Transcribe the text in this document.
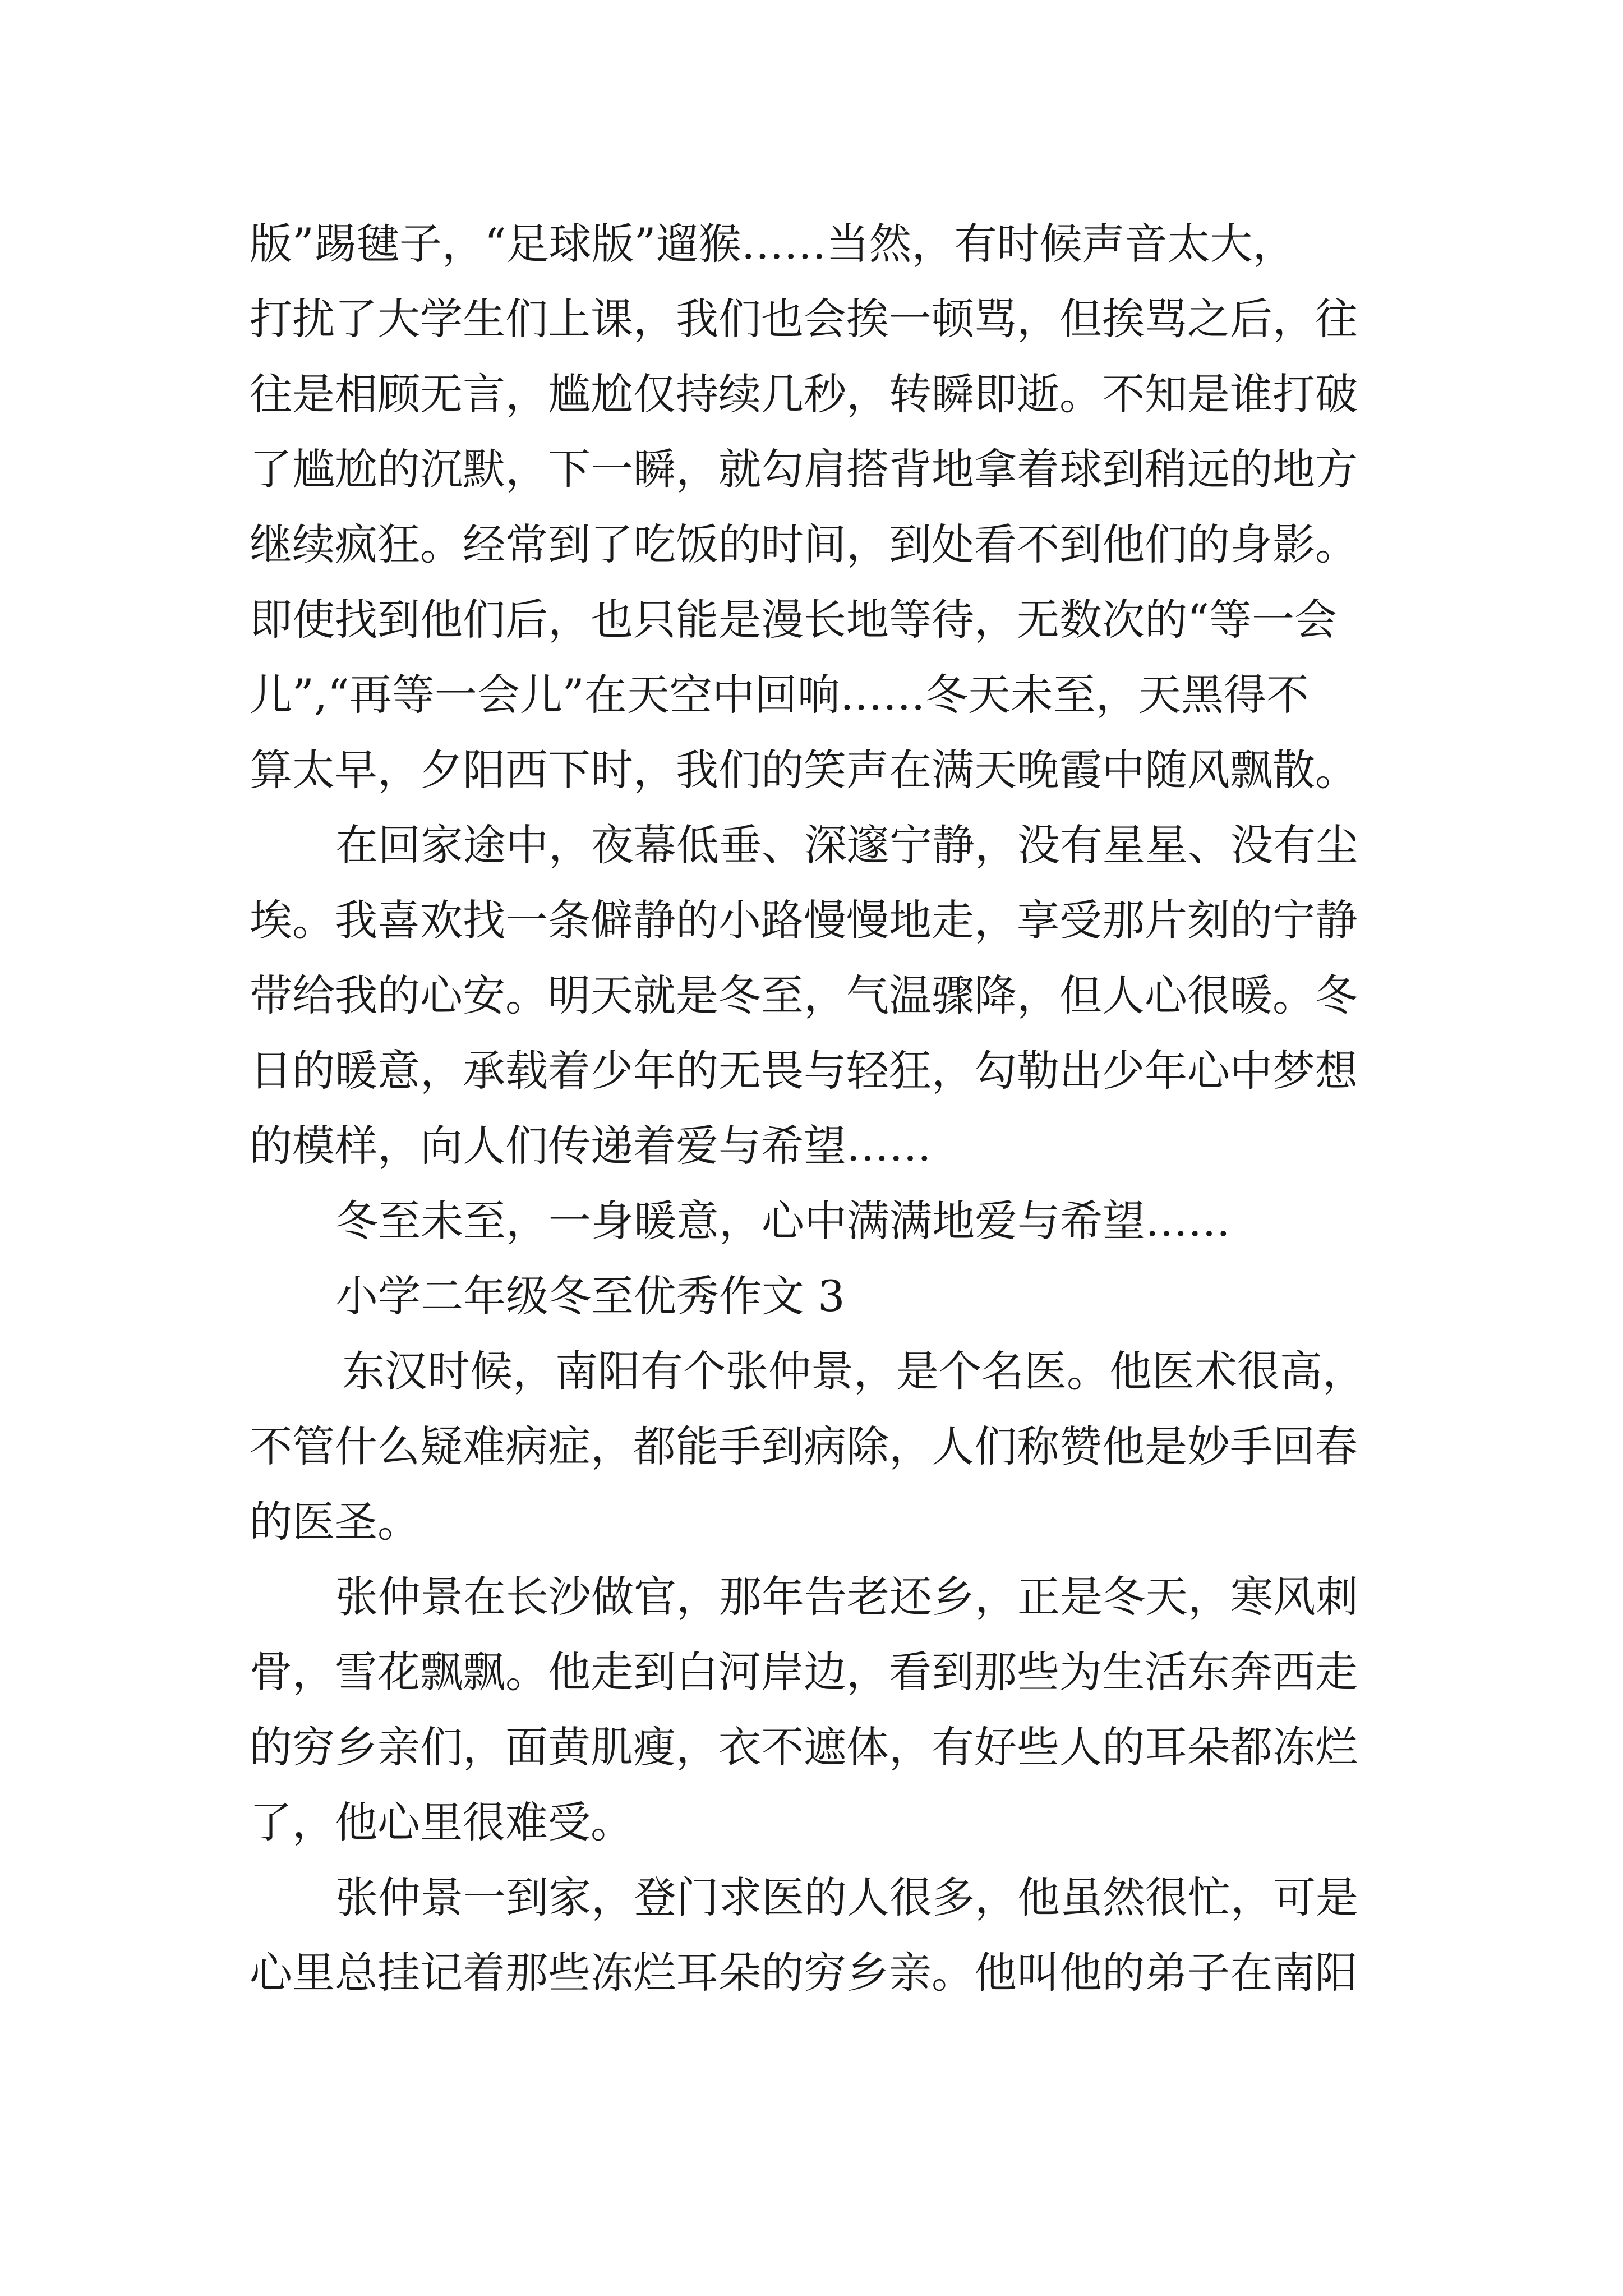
版”踢毽子，“足球版”遛猴……当然，有时候声音太大，
打扰了大学生们上课，我们也会挨一顿骂，但挨骂之后，往
往是相顾无言，尴尬仅持续几秒，转瞬即逝。不知是谁打破
了尴尬的沉默，下一瞬，就勾肩搭背地拿着球到稍远的地方
继续疯狂。经常到了吃饭的时间，到处看不到他们的身影。
即使找到他们后，也只能是漫长地等待，无数次的“等一会
儿”,“再等一会儿”在天空中回响……冬天未至，天黑得不
算太早，夕阳西下时，我们的笑声在满天晚霞中随风飘散。
在回家途中，夜幕低垂、深邃宁静，没有星星、没有尘
埃。我喜欢找一条僻静的小路慢慢地走，享受那片刻的宁静
带给我的心安。明天就是冬至，气温骤降，但人心很暖。冬
日的暖意，承载着少年的无畏与轻狂，勾勒出少年心中梦想
的模样，向人们传递着爱与希望……
冬至未至，一身暖意，心中满满地爱与希望……
小学二年级冬至优秀作文 3
东汉时候，南阳有个张仲景，是个名医。他医术很高，
不管什么疑难病症，都能手到病除，人们称赞他是妙手回春
的医圣。
张仲景在长沙做官，那年告老还乡，正是冬天，寒风刺
骨，雪花飘飘。他走到白河岸边，看到那些为生活东奔西走
的穷乡亲们，面黄肌瘦，衣不遮体，有好些人的耳朵都冻烂
了，他心里很难受。
张仲景一到家，登门求医的人很多，他虽然很忙，可是
心里总挂记着那些冻烂耳朵的穷乡亲。他叫他的弟子在南阳
